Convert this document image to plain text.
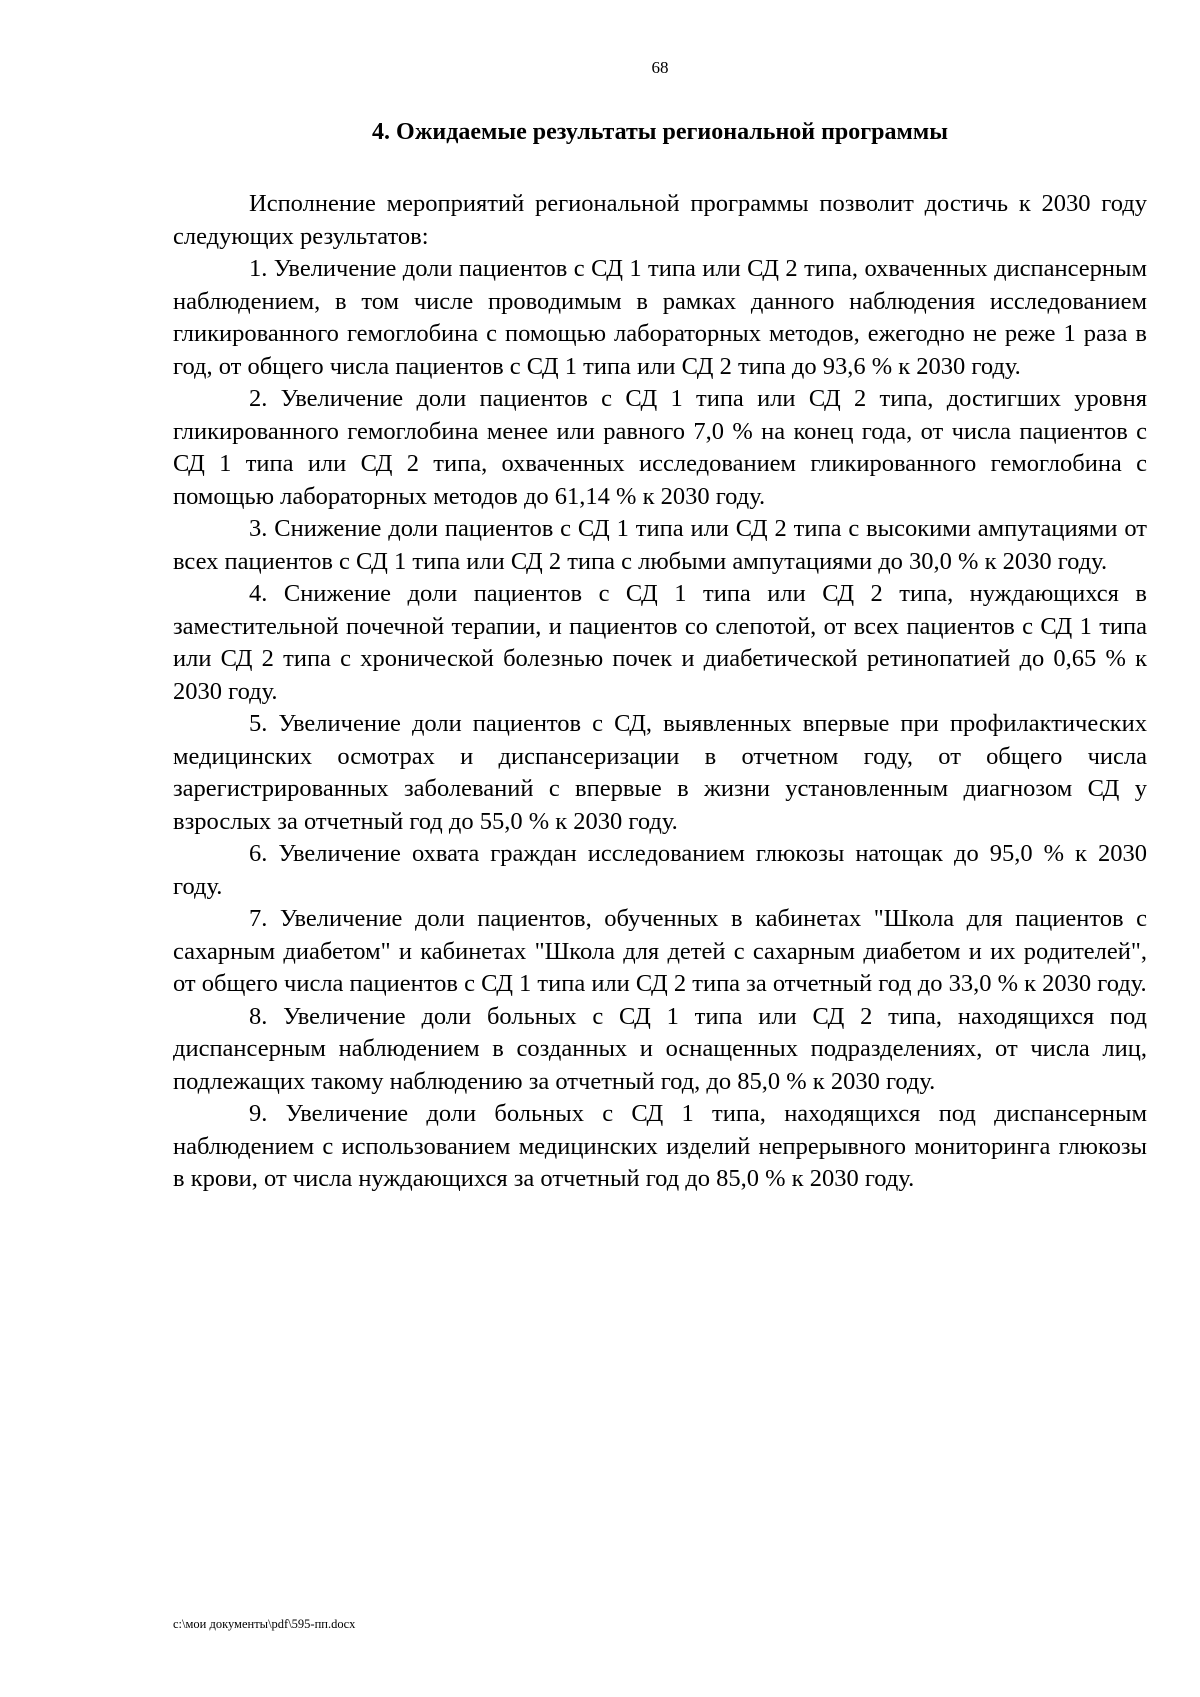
68
4. Ожидаемые результаты региональной программы

Исполнение мероприятий региональной программы позволит достичь к 2030 году следующих результатов:

1. Увеличение доли пациентов с СД 1 типа или СД 2 типа, охваченных диспансерным наблюдением, в том числе проводимым в рамках данного наблюдения исследованием гликированного гемоглобина с помощью лабораторных методов, ежегодно не реже 1 раза в год, от общего числа пациентов с СД 1 типа или СД 2 типа до 93,6 % к 2030 году.

2. Увеличение доли пациентов с СД 1 типа или СД 2 типа, достигших уровня гликированного гемоглобина менее или равного 7,0 % на конец года, от числа пациентов с СД 1 типа или СД 2 типа, охваченных исследованием гликированного гемоглобина с помощью лабораторных методов до 61,14 % к 2030 году.

3. Снижение доли пациентов с СД 1 типа или СД 2 типа с высокими ампутациями от всех пациентов с СД 1 типа или СД 2 типа с любыми ампутациями до 30,0 % к 2030 году.

4. Снижение доли пациентов с СД 1 типа или СД 2 типа, нуждающихся в заместительной почечной терапии, и пациентов со слепотой, от всех пациентов с СД 1 типа или СД 2 типа с хронической болезнью почек и диабетической ретинопатией до 0,65 % к 2030 году.

5. Увеличение доли пациентов с СД, выявленных впервые при профилактических медицинских осмотрах и диспансеризации в отчетном году, от общего числа зарегистрированных заболеваний с впервые в жизни установленным диагнозом СД у взрослых за отчетный год до 55,0 % к 2030 году.

6. Увеличение охвата граждан исследованием глюкозы натощак до 95,0 % к 2030 году.

7. Увеличение доли пациентов, обученных в кабинетах "Школа для пациентов с сахарным диабетом" и кабинетах "Школа для детей с сахарным диабетом и их родителей", от общего числа пациентов с СД 1 типа или СД 2 типа за отчетный год до 33,0 % к 2030 году.

8. Увеличение доли больных с СД 1 типа или СД 2 типа, находящихся под диспансерным наблюдением в созданных и оснащенных подразделениях, от числа лиц, подлежащих такому наблюдению за отчетный год, до 85,0 % к 2030 году.

9. Увеличение доли больных с СД 1 типа, находящихся под диспансерным наблюдением с использованием медицинских изделий непрерывного мониторинга глюкозы в крови, от числа нуждающихся за отчетный год до 85,0 % к 2030 году.

c:\мои документы\pdf\595-пп.docx
